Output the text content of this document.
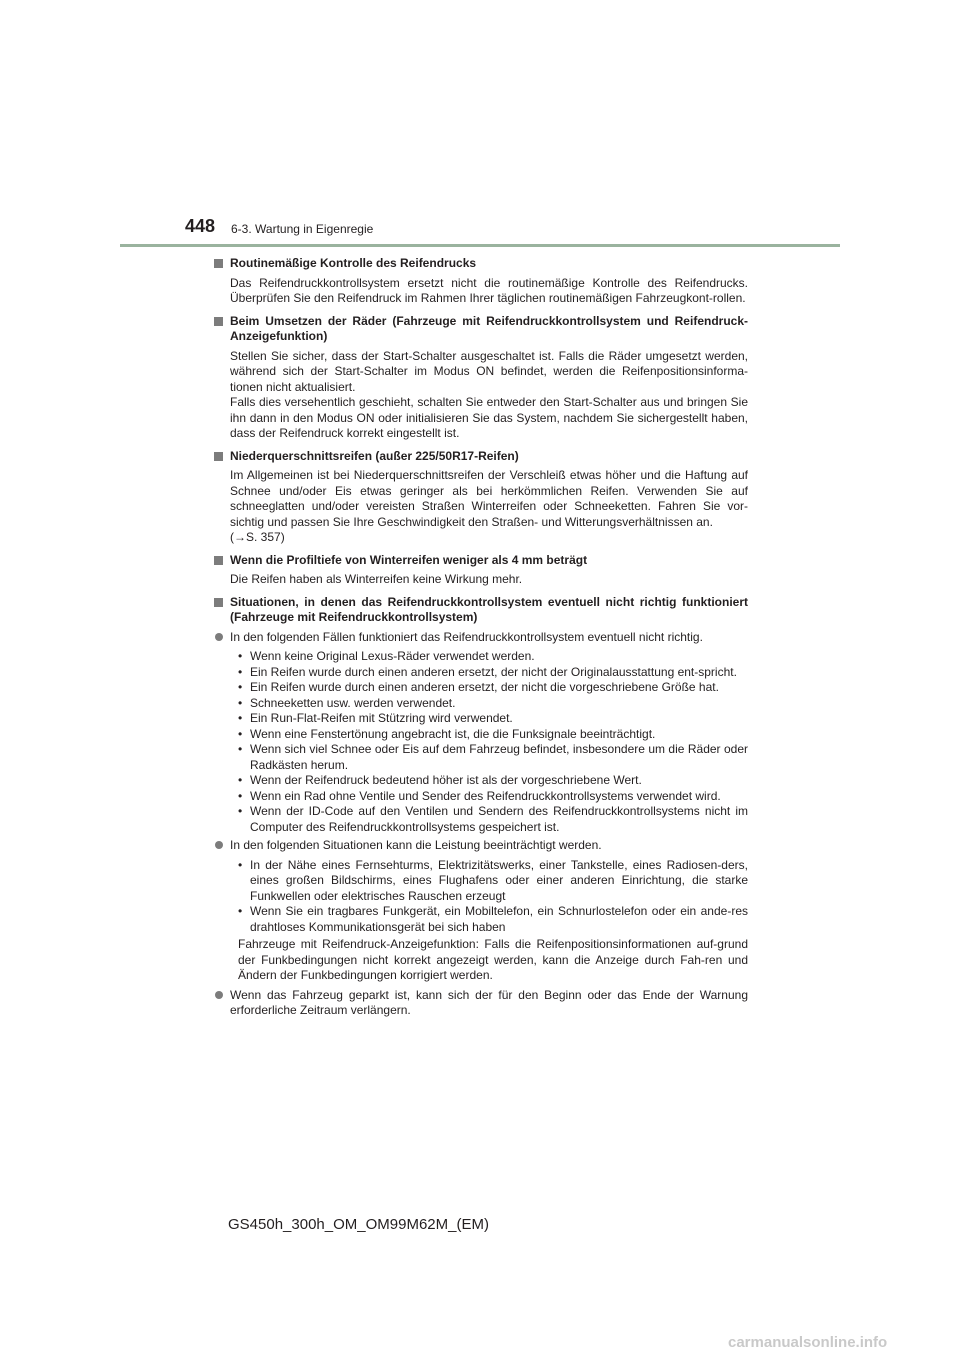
448 6-3. Wartung in Eigenregie
Routinemäßige Kontrolle des Reifendrucks

Das Reifendruckkontrollsystem ersetzt nicht die routinemäßige Kontrolle des Reifendrucks. Überprüfen Sie den Reifendruck im Rahmen Ihrer täglichen routinemäßigen Fahrzeugkont-rollen.

Beim Umsetzen der Räder (Fahrzeuge mit Reifendruckkontrollsystem und Reifendruck-Anzeigefunktion)

Stellen Sie sicher, dass der Start-Schalter ausgeschaltet ist. Falls die Räder umgesetzt werden, während sich der Start-Schalter im Modus ON befindet, werden die Reifenpositionsinforma-tionen nicht aktualisiert.

Falls dies versehentlich geschieht, schalten Sie entweder den Start-Schalter aus und bringen Sie ihn dann in den Modus ON oder initialisieren Sie das System, nachdem Sie sichergestellt haben, dass der Reifendruck korrekt eingestellt ist.

Niederquerschnittsreifen (außer 225/50R17-Reifen)

Im Allgemeinen ist bei Niederquerschnittsreifen der Verschleiß etwas höher und die Haftung auf Schnee und/oder Eis etwas geringer als bei herkömmlichen Reifen. Verwenden Sie auf schneeglatten und/oder vereisten Straßen Winterreifen oder Schneeketten. Fahren Sie vor-sichtig und passen Sie Ihre Geschwindigkeit den Straßen- und Witterungsverhältnissen an.

(→S. 357)

Wenn die Profiltiefe von Winterreifen weniger als 4 mm beträgt

Die Reifen haben als Winterreifen keine Wirkung mehr.

Situationen, in denen das Reifendruckkontrollsystem eventuell nicht richtig funktioniert (Fahrzeuge mit Reifendruckkontrollsystem)
In den folgenden Fällen funktioniert das Reifendruckkontrollsystem eventuell nicht richtig.
• Wenn keine Original Lexus-Räder verwendet werden.
• Ein Reifen wurde durch einen anderen ersetzt, der nicht der Originalausstattung ent-spricht.
• Ein Reifen wurde durch einen anderen ersetzt, der nicht die vorgeschriebene Größe hat.
• Schneeketten usw. werden verwendet.
• Ein Run-Flat-Reifen mit Stützring wird verwendet.
• Wenn eine Fenstertönung angebracht ist, die die Funksignale beeinträchtigt.
• Wenn sich viel Schnee oder Eis auf dem Fahrzeug befindet, insbesondere um die Räder oder Radkästen herum.
• Wenn der Reifendruck bedeutend höher ist als der vorgeschriebene Wert.
• Wenn ein Rad ohne Ventile und Sender des Reifendruckkontrollsystems verwendet wird.
• Wenn der ID-Code auf den Ventilen und Sendern des Reifendruckkontrollsystems nicht im Computer des Reifendruckkontrollsystems gespeichert ist.
In den folgenden Situationen kann die Leistung beeinträchtigt werden.
• In der Nähe eines Fernsehturms, Elektrizitätswerks, einer Tankstelle, eines Radiosen-ders, eines großen Bildschirms, eines Flughafens oder einer anderen Einrichtung, die starke Funkwellen oder elektrisches Rauschen erzeugt
• Wenn Sie ein tragbares Funkgerät, ein Mobiltelefon, ein Schnurlostelefon oder ein ande-res drahtloses Kommunikationsgerät bei sich haben

Fahrzeuge mit Reifendruck-Anzeigefunktion: Falls die Reifenpositionsinformationen auf-grund der Funkbedingungen nicht korrekt angezeigt werden, kann die Anzeige durch Fah-ren und Ändern der Funkbedingungen korrigiert werden.

Wenn das Fahrzeug geparkt ist, kann sich der für den Beginn oder das Ende der Warnung erforderliche Zeitraum verlängern.
GS450h_300h_OM_OM99M62M_(EM)
carmanualsonline.info
